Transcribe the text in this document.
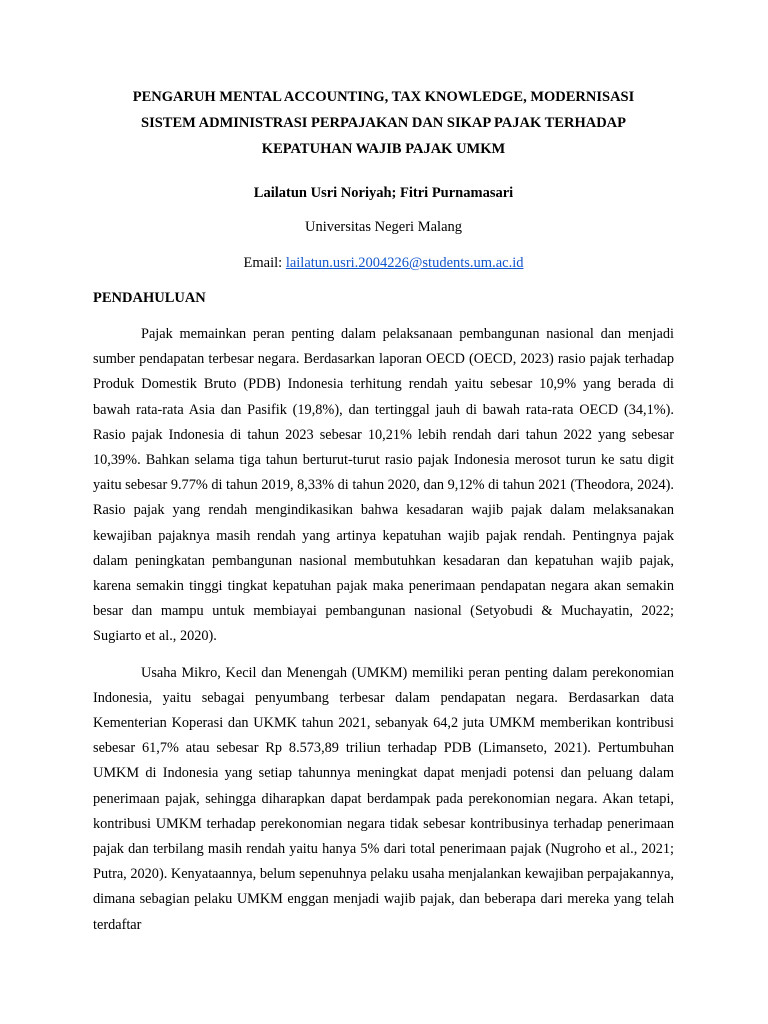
PENGARUH MENTAL ACCOUNTING, TAX KNOWLEDGE, MODERNISASI
SISTEM ADMINISTRASI PERPAJAKAN DAN SIKAP PAJAK TERHADAP
KEPATUHAN WAJIB PAJAK UMKM

Lailatun Usri Noriyah; Fitri Purnamasari

Universitas Negeri Malang

Email: lailatun.usri.2004226@students.um.ac.id

PENDAHULUAN

Pajak memainkan peran penting dalam pelaksanaan pembangunan nasional dan menjadi sumber pendapatan terbesar negara. Berdasarkan laporan OECD (OECD, 2023) rasio pajak terhadap Produk Domestik Bruto (PDB) Indonesia terhitung rendah yaitu sebesar 10,9% yang berada di bawah rata-rata Asia dan Pasifik (19,8%), dan tertinggal jauh di bawah rata-rata OECD (34,1%). Rasio pajak Indonesia di tahun 2023 sebesar 10,21% lebih rendah dari tahun 2022 yang sebesar 10,39%. Bahkan selama tiga tahun berturut-turut rasio pajak Indonesia merosot turun ke satu digit yaitu sebesar 9.77% di tahun 2019, 8,33% di tahun 2020, dan 9,12% di tahun 2021 (Theodora, 2024). Rasio pajak yang rendah mengindikasikan bahwa kesadaran wajib pajak dalam melaksanakan kewajiban pajaknya masih rendah yang artinya kepatuhan wajib pajak rendah. Pentingnya pajak dalam peningkatan pembangunan nasional membutuhkan kesadaran dan kepatuhan wajib pajak, karena semakin tinggi tingkat kepatuhan pajak maka penerimaan pendapatan negara akan semakin besar dan mampu untuk membiayai pembangunan nasional (Setyobudi & Muchayatin, 2022; Sugiarto et al., 2020).

Usaha Mikro, Kecil dan Menengah (UMKM) memiliki peran penting dalam perekonomian Indonesia, yaitu sebagai penyumbang terbesar dalam pendapatan negara. Berdasarkan data Kementerian Koperasi dan UKMK tahun 2021, sebanyak 64,2 juta UMKM memberikan kontribusi sebesar 61,7% atau sebesar Rp 8.573,89 triliun terhadap PDB (Limanseto, 2021). Pertumbuhan UMKM di Indonesia yang setiap tahunnya meningkat dapat menjadi potensi dan peluang dalam penerimaan pajak, sehingga diharapkan dapat berdampak pada perekonomian negara. Akan tetapi, kontribusi UMKM terhadap perekonomian negara tidak sebesar kontribusinya terhadap penerimaan pajak dan terbilang masih rendah yaitu hanya 5% dari total penerimaan pajak (Nugroho et al., 2021; Putra, 2020). Kenyataannya, belum sepenuhnya pelaku usaha menjalankan kewajiban perpajakannya, dimana sebagian pelaku UMKM enggan menjadi wajib pajak, dan beberapa dari mereka yang telah terdaftar
